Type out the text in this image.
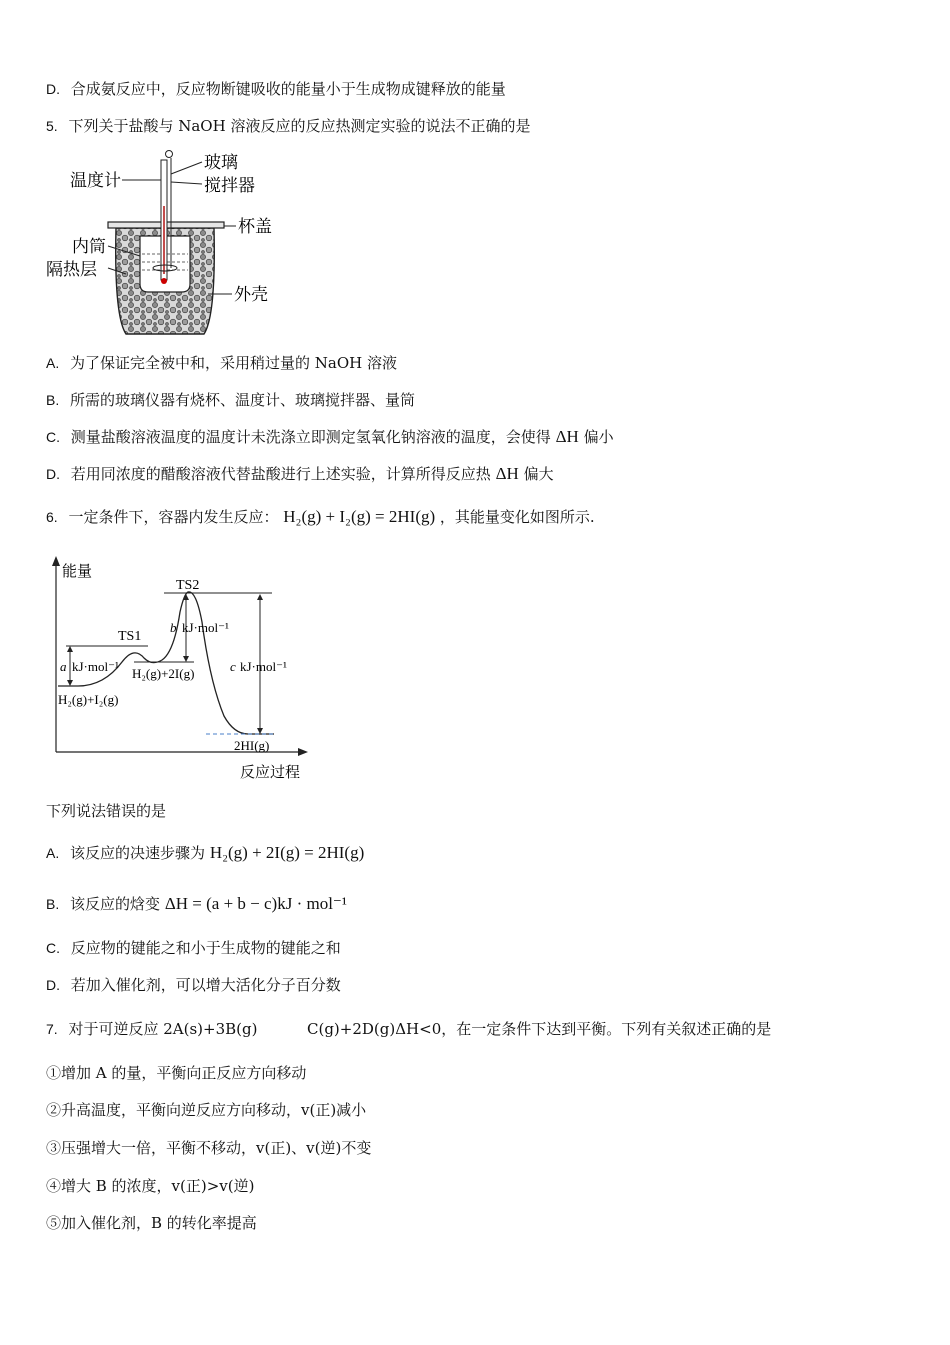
D. 合成氨反应中，反应物断键吸收的能量小于生成物成键释放的能量
5. 下列关于盐酸与 NaOH 溶液反应的反应热测定实验的说法不正确的是
温度计
玻璃
搅拌器
杯盖
内筒
隔热层
外壳
A. 为了保证完全被中和，采用稍过量的 NaOH 溶液
B. 所需的玻璃仪器有烧杯、温度计、玻璃搅拌器、量筒
C. 测量盐酸溶液温度的温度计未洗涤立即测定氢氧化钠溶液的温度，会使得 ΔH 偏小
D. 若用同浓度的醋酸溶液代替盐酸进行上述实验，计算所得反应热 ΔH 偏大
6. 一定条件下，容器内发生反应： H₂(g) + I₂(g) = 2HI(g) ，其能量变化如图所示.
能量
反应过程
TS1
TS2
a kJ·mol⁻¹
b kJ·mol⁻¹
c kJ·mol⁻¹
H₂(g)+I₂(g)
H₂(g)+2I(g)
2HI(g)
下列说法错误的是
A. 该反应的决速步骤为 H₂(g) + 2I(g) = 2HI(g)
B. 该反应的焓变 ΔH = (a + b − c)kJ · mol⁻¹
C. 反应物的键能之和小于生成物的键能之和
D. 若加入催化剂，可以增大活化分子百分数
7. 对于可逆反应 2A(s)+3B(g)	C(g)+2D(g)ΔH<0，在一定条件下达到平衡。下列有关叙述正确的是
①增加 A 的量，平衡向正反应方向移动
②升高温度，平衡向逆反应方向移动，v(正)减小
③压强增大一倍，平衡不移动，v(正)、v(逆)不变
④增大 B 的浓度，v(正)>v(逆)
⑤加入催化剂，B 的转化率提高
